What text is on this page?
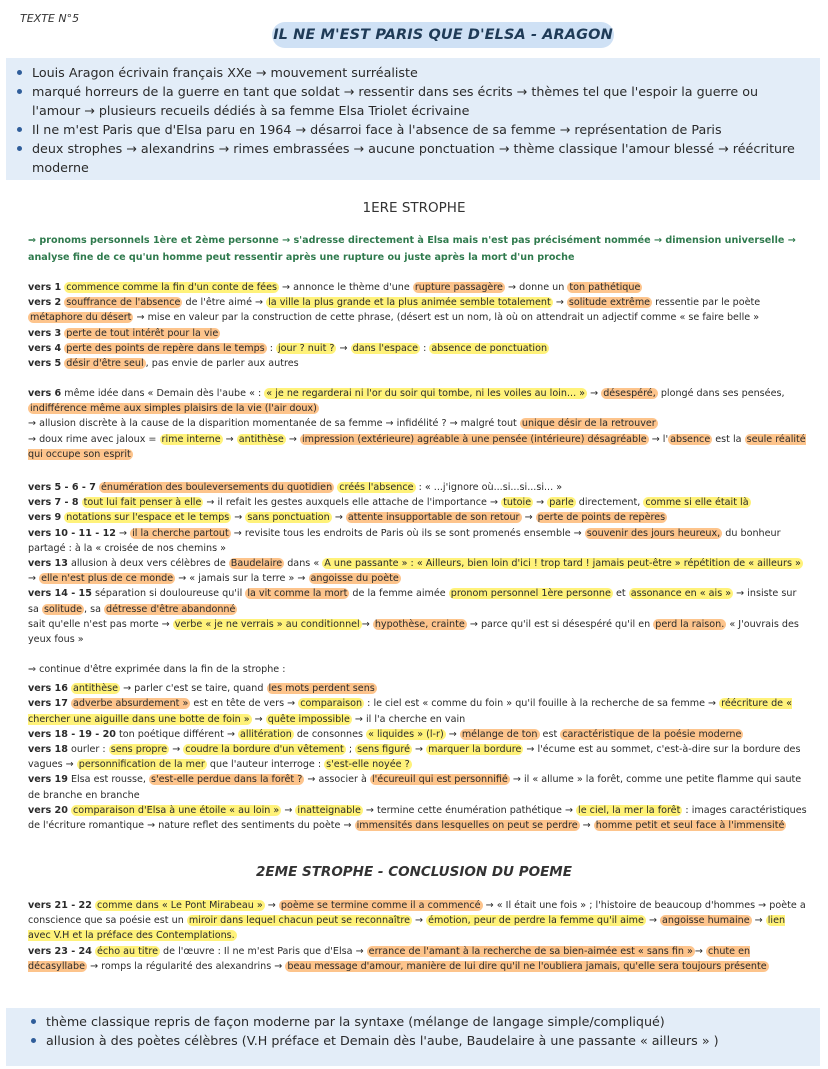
TEXTE N°5
IL NE M'EST PARIS QUE D'ELSA - ARAGON
Louis Aragon écrivain français XXe → mouvement surréaliste
marqué horreurs de la guerre en tant que soldat → ressentir dans ses écrits → thèmes tel que l'espoir la guerre ou l'amour → plusieurs recueils dédiés à sa femme Elsa Triolet écrivaine
Il ne m'est Paris que d'Elsa paru en 1964 → désarroi face à l'absence de sa femme → représentation de Paris
deux strophes → alexandrins → rimes embrassées → aucune ponctuation → thème classique l'amour blessé → réécriture moderne
1ERE STROPHE
⇒ pronoms personnels 1ère et 2ème personne → s'adresse directement à Elsa mais n'est pas précisément nommée → dimension universelle → analyse fine de ce qu'un homme peut ressentir après une rupture ou juste après la mort d'un proche

vers 1 commence comme la fin d'un conte de fées → annonce le thème d'une rupture passagère → donne un ton pathétique

vers 2 souffrance de l'absence de l'être aimé → la ville la plus grande et la plus animée semble totalement → solitude extrême ressentie par le poète métaphore du désert → mise en valeur par la construction de cette phrase, (désert est un nom, là où on attendrait un adjectif comme « se faire belle »

vers 3 perte de tout intérêt pour la vie

vers 4 perte des points de repère dans le temps : jour ? nuit ? → dans l'espace : absence de ponctuation

vers 5 désir d'être seul , pas envie de parler aux autres

vers 6 même idée dans « Demain dès l'aube « : « je ne regarderai ni l'or du soir qui tombe, ni les voiles au loin... » → désespéré, plongé dans ses pensées, indifférence même aux simples plaisirs de la vie (l'air doux)

→ allusion discrète à la cause de la disparition momentanée de sa femme → infidélité ? → malgré tout unique désir de la retrouver

→ doux rime avec jaloux = rime interne → antithèse → impression (extérieure) agréable à une pensée (intérieure) désagréable → l' absence est la seule réalité qui occupe son esprit

vers 5 - 6 - 7 énumération des bouleversements du quotidien créés l'absence : « ...j'ignore où...si...si...si... »

vers 7 - 8 tout lui fait penser à elle → il refait les gestes auxquels elle attache de l'importance → tutoie → parle directement, comme si elle était là

vers 9 notations sur l'espace et le temps → sans ponctuation → attente insupportable de son retour → perte de points de repères

vers 10 - 11 - 12 → il la cherche partout → revisite tous les endroits de Paris où ils se sont promenés ensemble → souvenir des jours heureux, du bonheur partagé : à la « croisée de nos chemins »

vers 13 allusion à deux vers célèbres de Baudelaire dans « A une passante » : « Ailleurs, bien loin d'ici ! trop tard ! jamais peut-être » répétition de « ailleurs » → elle n'est plus de ce monde → « jamais sur la terre » → angoisse du poète

vers 14 - 15 séparation si douloureuse qu'il la vit comme la mort de la femme aimée pronom personnel 1ère personne et assonance en « ais » → insiste sur sa solitude , sa détresse d'être abandonné

sait qu'elle n'est pas morte → verbe « je ne verrais » au conditionnel → hypothèse, crainte → parce qu'il est si désespéré qu'il en perd la raison. « J'ouvrais des yeux fous »

⇒ continue d'être exprimée dans la fin de la strophe :

vers 16 antithèse → parler c'est se taire, quand les mots perdent sens

vers 17 adverbe absurdement » est en tête de vers → comparaison : le ciel est « comme du foin » qu'il fouille à la recherche de sa femme → réécriture de « chercher une aiguille dans une botte de foin » → quête impossible → il l'a cherche en vain

vers 18 - 19 - 20 ton poétique différent → allitération de consonnes « liquides » (l-r) → mélange de ton est caractéristique de la poésie moderne

vers 18 ourler : sens propre → coudre la bordure d'un vêtement ; sens figuré → marquer la bordure → l'écume est au sommet, c'est-à-dire sur la bordure des vagues → personnification de la mer que l'auteur interroge : s'est-elle noyée ?

vers 19 Elsa est rousse, s'est-elle perdue dans la forêt ? → associer à l'écureuil qui est personnifié → il « allume » la forêt, comme une petite flamme qui saute de branche en branche

vers 20 comparaison d'Elsa à une étoile « au loin » → inatteignable → termine cette énumération pathétique → le ciel, la mer la forêt : images caractéristiques de l'écriture romantique → nature reflet des sentiments du poète → immensités dans lesquelles on peut se perdre → homme petit et seul face à l'immensité

2EME STROPHE - CONCLUSION DU POEME

vers 21 - 22 comme dans « Le Pont Mirabeau » → poème se termine comme il a commencé → « Il était une fois » ; l'histoire de beaucoup d'hommes → poète a conscience que sa poésie est un miroir dans lequel chacun peut se reconnaître → émotion, peur de perdre la femme qu'il aime → angoisse humaine → lien avec V.H et la préface des Contemplations.

vers 23 - 24 écho au titre de l'œuvre : Il ne m'est Paris que d'Elsa → errance de l'amant à la recherche de sa bien-aimée est « sans fin » → chute en décasyllabe → romps la régularité des alexandrins → beau message d'amour, manière de lui dire qu'il ne l'oubliera jamais, qu'elle sera toujours présente

thème classique repris de façon moderne par la syntaxe (mélange de langage simple/compliqué)
allusion à des poètes célèbres (V.H préface et Demain dès l'aube, Baudelaire à une passante « ailleurs » )
